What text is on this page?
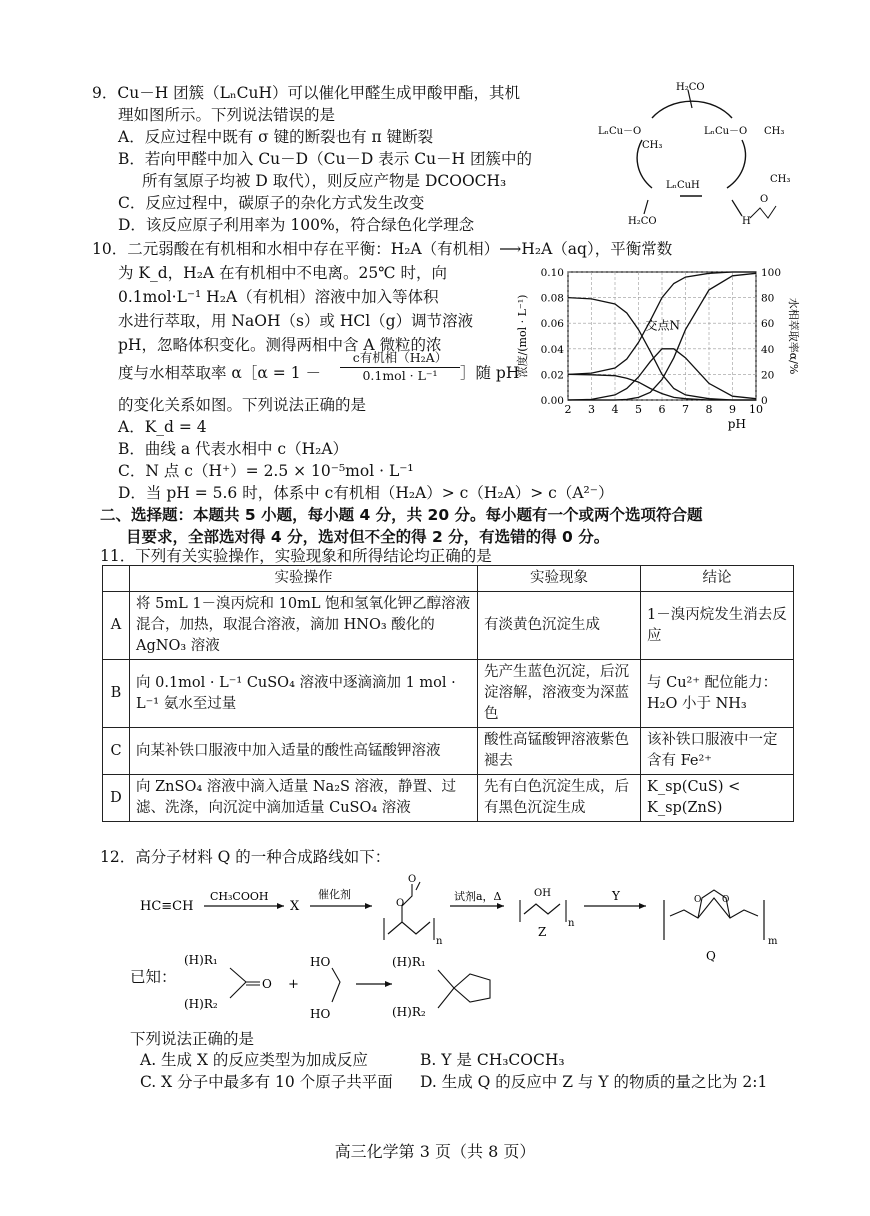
9．Cu－H 团簇（LₙCuH）可以催化甲醛生成甲酸甲酯，其机
理如图所示。下列说法错误的是
A．反应过程中既有 σ 键的断裂也有 π 键断裂
B．若向甲醛中加入 Cu－D（Cu－D 表示 Cu－H 团簇中的
所有氢原子均被 D 取代），则反应产物是 DCOOCH₃
C．反应过程中，碳原子的杂化方式发生改变
D．该反应原子利用率为 100%，符合绿色化学理念
H₂CO
LₙCu－O
CH₃
LₙCu－O CH₃
LₙCuH
H₂CO	H
O
CH₃
10．二元弱酸在有机相和水相中存在平衡：H₂A（有机相）⟶H₂A（aq），平衡常数
为 K_d，H₂A 在有机相中不电离。25℃ 时，向
0.1mol·L⁻¹ H₂A（有机相）溶液中加入等体积
水进行萃取，用 NaOH（s）或 HCl（g）调节溶液
pH，忽略体积变化。测得两相中含 A 微粒的浓
度与水相萃取率 α［α = 1 －
c有机相（H₂A）
0.1mol · L⁻¹	］随 pH
的变化关系如图。下列说法正确的是
A．K_d = 4
B．曲线 a 代表水相中 c（H₂A）
C．N 点 c（H⁺）= 2.5 × 10⁻⁵mol · L⁻¹
D．当 pH = 5.6 时，体系中 c有机相（H₂A）> c（H₂A）> c（A²⁻）
2 3 4 5 6 7 8 9 10
0.00
0.02
0.04
0.06
0.08
0.10
0
20
40
60
80
100
pH
浓度/(mol · L⁻¹)	水相萃取率α/%
交点N
二、选择题：本题共 5 小题，每小题 4 分，共 20 分。每小题有一个或两个选项符合题
目要求，全部选对得 4 分，选对但不全的得 2 分，有选错的得 0 分。
11．下列有关实验操作，实验现象和所得结论均正确的是
	实验操作	实验现象	结论
A	将 5mL 1－溴丙烷和 10mL 饱和氢氧化钾乙醇溶液混合，加热，取混合溶液，滴加 HNO₃ 酸化的 AgNO₃ 溶液	有淡黄色沉淀生成	1－溴丙烷发生消去反应
B	向 0.1mol · L⁻¹ CuSO₄ 溶液中逐滴滴加 1 mol · L⁻¹ 氨水至过量	先产生蓝色沉淀，后沉淀溶解，溶液变为深蓝色	与 Cu²⁺ 配位能力：H₂O 小于 NH₃
C	向某补铁口服液中加入适量的酸性高锰酸钾溶液	酸性高锰酸钾溶液紫色褪去	该补铁口服液中一定含有 Fe²⁺
D	向 ZnSO₄ 溶液中滴入适量 Na₂S 溶液，静置、过滤、洗涤，向沉淀中滴加适量 CuSO₄ 溶液	先有白色沉淀生成，后有黑色沉淀生成	K_sp(CuS) < K_sp(ZnS)
12．高分子材料 Q 的一种合成路线如下：
HC≡CH
CH₃COOH
X
催化剂
O
O
n
试剂a，Δ	OH
n
Z
Y	O O
m
Q
已知：
(H)R₁
(H)R₂
O +
HO
HO
(H)R₁
(H)R₂
下列说法正确的是
A. 生成 X 的反应类型为加成反应	B. Y 是 CH₃COCH₃
C. X 分子中最多有 10 个原子共平面 D. 生成 Q 的反应中 Z 与 Y 的物质的量之比为 2:1
高三化学第 3 页（共 8 页）
